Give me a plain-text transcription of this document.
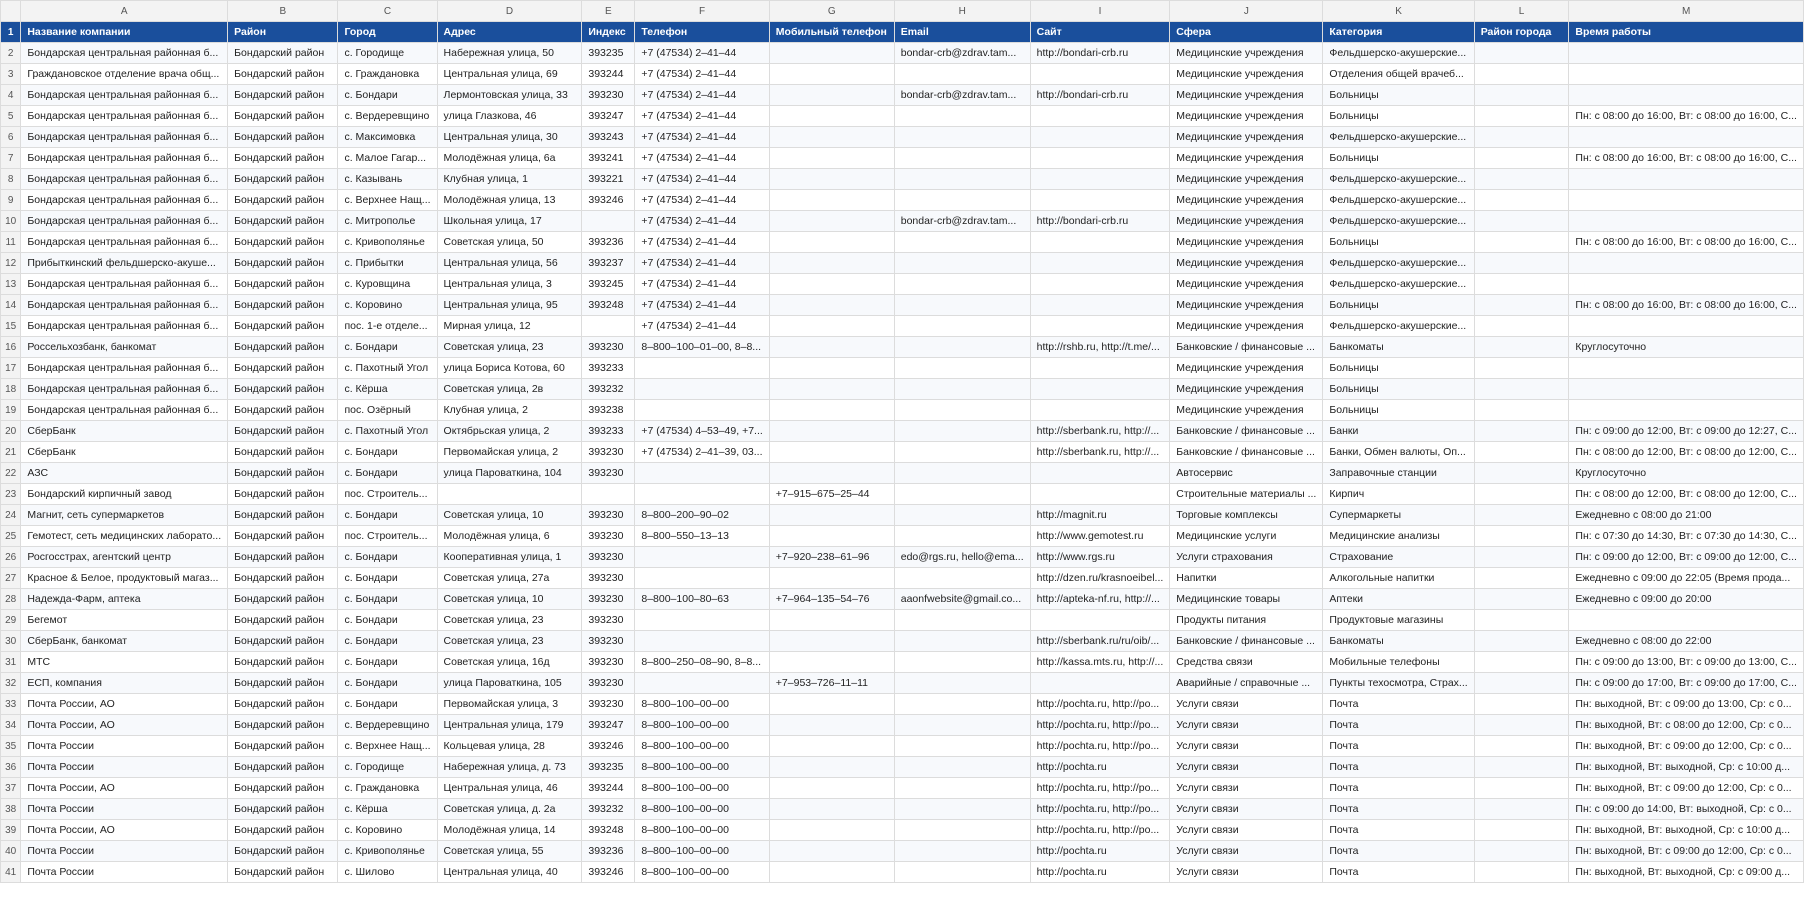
	A	B	C	D	E	F	G	H	I	J	K	L	M
1	Название компании	Район	Город	Адрес	Индекс	Телефон	Мобильный телефон	Email	Сайт	Сфера	Категория	Район города	Время работы
2	Бондарская центральная районная б...	Бондарский район	с. Городище	Набережная улица, 50	393235	+7 (47534) 2–41–44		bondar-crb@zdrav.tam...	http://bondari-crb.ru	Медицинские учреждения	Фельдшерско-акушерские...		
3	Граждановское отделение врача общ...	Бондарский район	с. Граждановка	Центральная улица, 69	393244	+7 (47534) 2–41–44				Медицинские учреждения	Отделения общей врачеб...		
4	Бондарская центральная районная б...	Бондарский район	с. Бондари	Лермонтовская улица, 33	393230	+7 (47534) 2–41–44		bondar-crb@zdrav.tam...	http://bondari-crb.ru	Медицинские учреждения	Больницы		
5	Бондарская центральная районная б...	Бондарский район	с. Вердеревщино	улица Глазкова, 46	393247	+7 (47534) 2–41–44				Медицинские учреждения	Больницы		Пн: с 08:00 до 16:00, Вт: с 08:00 до 16:00, С...
6	Бондарская центральная районная б...	Бондарский район	с. Максимовка	Центральная улица, 30	393243	+7 (47534) 2–41–44				Медицинские учреждения	Фельдшерско-акушерские...		
7	Бондарская центральная районная б...	Бондарский район	с. Малое Гагар...	Молодёжная улица, 6а	393241	+7 (47534) 2–41–44				Медицинские учреждения	Больницы		Пн: с 08:00 до 16:00, Вт: с 08:00 до 16:00, С...
8	Бондарская центральная районная б...	Бондарский район	с. Казывань	Клубная улица, 1	393221	+7 (47534) 2–41–44				Медицинские учреждения	Фельдшерско-акушерские...		
9	Бондарская центральная районная б...	Бондарский район	с. Верхнее Нащ...	Молодёжная улица, 13	393246	+7 (47534) 2–41–44				Медицинские учреждения	Фельдшерско-акушерские...		
10	Бондарская центральная районная б...	Бондарский район	с. Митрополье	Школьная улица, 17		+7 (47534) 2–41–44		bondar-crb@zdrav.tam...	http://bondari-crb.ru	Медицинские учреждения	Фельдшерско-акушерские...		
11	Бондарская центральная районная б...	Бондарский район	с. Кривополянье	Советская улица, 50	393236	+7 (47534) 2–41–44				Медицинские учреждения	Больницы		Пн: с 08:00 до 16:00, Вт: с 08:00 до 16:00, С...
12	Прибыткинский фельдшерско-акуше...	Бондарский район	с. Прибытки	Центральная улица, 56	393237	+7 (47534) 2–41–44				Медицинские учреждения	Фельдшерско-акушерские...		
13	Бондарская центральная районная б...	Бондарский район	с. Куровщина	Центральная улица, 3	393245	+7 (47534) 2–41–44				Медицинские учреждения	Фельдшерско-акушерские...		
14	Бондарская центральная районная б...	Бондарский район	с. Коровино	Центральная улица, 95	393248	+7 (47534) 2–41–44				Медицинские учреждения	Больницы		Пн: с 08:00 до 16:00, Вт: с 08:00 до 16:00, С...
15	Бондарская центральная районная б...	Бондарский район	пос. 1-е отделе...	Мирная улица, 12		+7 (47534) 2–41–44				Медицинские учреждения	Фельдшерско-акушерские...		
16	Россельхозбанк, банкомат	Бондарский район	с. Бондари	Советская улица, 23	393230	8–800–100–01–00, 8–8...			http://rshb.ru, http://t.me/...	Банковские / финансовые ...	Банкоматы		Круглосуточно
17	Бондарская центральная районная б...	Бондарский район	с. Пахотный Угол	улица Бориса Котова, 60	393233					Медицинские учреждения	Больницы		
18	Бондарская центральная районная б...	Бондарский район	с. Кёрша	Советская улица, 2в	393232					Медицинские учреждения	Больницы		
19	Бондарская центральная районная б...	Бондарский район	пос. Озёрный	Клубная улица, 2	393238					Медицинские учреждения	Больницы		
20	СберБанк	Бондарский район	с. Пахотный Угол	Октябрьская улица, 2	393233	+7 (47534) 4–53–49, +7...			http://sberbank.ru, http://...	Банковские / финансовые ...	Банки		Пн: с 09:00 до 12:00, Вт: с 09:00 до 12:27, С...
21	СберБанк	Бондарский район	с. Бондари	Первомайская улица, 2	393230	+7 (47534) 2–41–39, 03...			http://sberbank.ru, http://...	Банковские / финансовые ...	Банки, Обмен валюты, Оп...		Пн: с 08:00 до 12:00, Вт: с 08:00 до 12:00, С...
22	АЗС	Бондарский район	с. Бондари	улица Пароваткина, 104	393230					Автосервис	Заправочные станции		Круглосуточно
23	Бондарский кирпичный завод	Бондарский район	пос. Строитель...				+7–915–675–25–44			Строительные материалы ...	Кирпич		Пн: с 08:00 до 12:00, Вт: с 08:00 до 12:00, С...
24	Магнит, сеть супермаркетов	Бондарский район	с. Бондари	Советская улица, 10	393230	8–800–200–90–02			http://magnit.ru	Торговые комплексы	Супермаркеты		Ежедневно с 08:00 до 21:00
25	Гемотест, сеть медицинских лаборато...	Бондарский район	пос. Строитель...	Молодёжная улица, 6	393230	8–800–550–13–13			http://www.gemotest.ru	Медицинские услуги	Медицинские анализы		Пн: с 07:30 до 14:30, Вт: с 07:30 до 14:30, С...
26	Росгосстрах, агентский центр	Бондарский район	с. Бондари	Кооперативная улица, 1	393230		+7–920–238–61–96	edo@rgs.ru, hello@ema...	http://www.rgs.ru	Услуги страхования	Страхование		Пн: с 09:00 до 12:00, Вт: с 09:00 до 12:00, С...
27	Красное & Белое, продуктовый магаз...	Бондарский район	с. Бондари	Советская улица, 27а	393230				http://dzen.ru/krasnoeibel...	Напитки	Алкогольные напитки		Ежедневно с 09:00 до 22:05 (Время прода...
28	Надежда-Фарм, аптека	Бондарский район	с. Бондари	Советская улица, 10	393230	8–800–100–80–63	+7–964–135–54–76	aaonfwebsite@gmail.co...	http://apteka-nf.ru, http://...	Медицинские товары	Аптеки		Ежедневно с 09:00 до 20:00
29	Бегемот	Бондарский район	с. Бондари	Советская улица, 23	393230					Продукты питания	Продуктовые магазины		
30	СберБанк, банкомат	Бондарский район	с. Бондари	Советская улица, 23	393230				http://sberbank.ru/ru/oib/...	Банковские / финансовые ...	Банкоматы		Ежедневно с 08:00 до 22:00
31	МТС	Бондарский район	с. Бондари	Советская улица, 16д	393230	8–800–250–08–90, 8–8...			http://kassa.mts.ru, http://...	Средства связи	Мобильные телефоны		Пн: с 09:00 до 13:00, Вт: с 09:00 до 13:00, С...
32	ЕСП, компания	Бондарский район	с. Бондари	улица Пароваткина, 105	393230		+7–953–726–11–11			Аварийные / справочные ...	Пункты техосмотра, Страх...		Пн: с 09:00 до 17:00, Вт: с 09:00 до 17:00, С...
33	Почта России, АО	Бондарский район	с. Бондари	Первомайская улица, 3	393230	8–800–100–00–00			http://pochta.ru, http://po...	Услуги связи	Почта		Пн: выходной, Вт: с 09:00 до 13:00, Ср: с 0...
34	Почта России, АО	Бондарский район	с. Вердеревщино	Центральная улица, 179	393247	8–800–100–00–00			http://pochta.ru, http://po...	Услуги связи	Почта		Пн: выходной, Вт: с 08:00 до 12:00, Ср: с 0...
35	Почта России	Бондарский район	с. Верхнее Нащ...	Кольцевая улица, 28	393246	8–800–100–00–00			http://pochta.ru, http://po...	Услуги связи	Почта		Пн: выходной, Вт: с 09:00 до 12:00, Ср: с 0...
36	Почта России	Бондарский район	с. Городище	Набережная улица, д. 73	393235	8–800–100–00–00			http://pochta.ru	Услуги связи	Почта		Пн: выходной, Вт: выходной, Ср: с 10:00 д...
37	Почта России, АО	Бондарский район	с. Граждановка	Центральная улица, 46	393244	8–800–100–00–00			http://pochta.ru, http://po...	Услуги связи	Почта		Пн: выходной, Вт: с 09:00 до 12:00, Ср: с 0...
38	Почта России	Бондарский район	с. Кёрша	Советская улица, д. 2а	393232	8–800–100–00–00			http://pochta.ru, http://po...	Услуги связи	Почта		Пн: с 09:00 до 14:00, Вт: выходной, Ср: с 0...
39	Почта России, АО	Бондарский район	с. Коровино	Молодёжная улица, 14	393248	8–800–100–00–00			http://pochta.ru, http://po...	Услуги связи	Почта		Пн: выходной, Вт: выходной, Ср: с 10:00 д...
40	Почта России	Бондарский район	с. Кривополянье	Советская улица, 55	393236	8–800–100–00–00			http://pochta.ru	Услуги связи	Почта		Пн: выходной, Вт: с 09:00 до 12:00, Ср: с 0...
41	Почта России	Бондарский район	с. Шилово	Центральная улица, 40	393246	8–800–100–00–00			http://pochta.ru	Услуги связи	Почта		Пн: выходной, Вт: выходной, Ср: с 09:00 д...
